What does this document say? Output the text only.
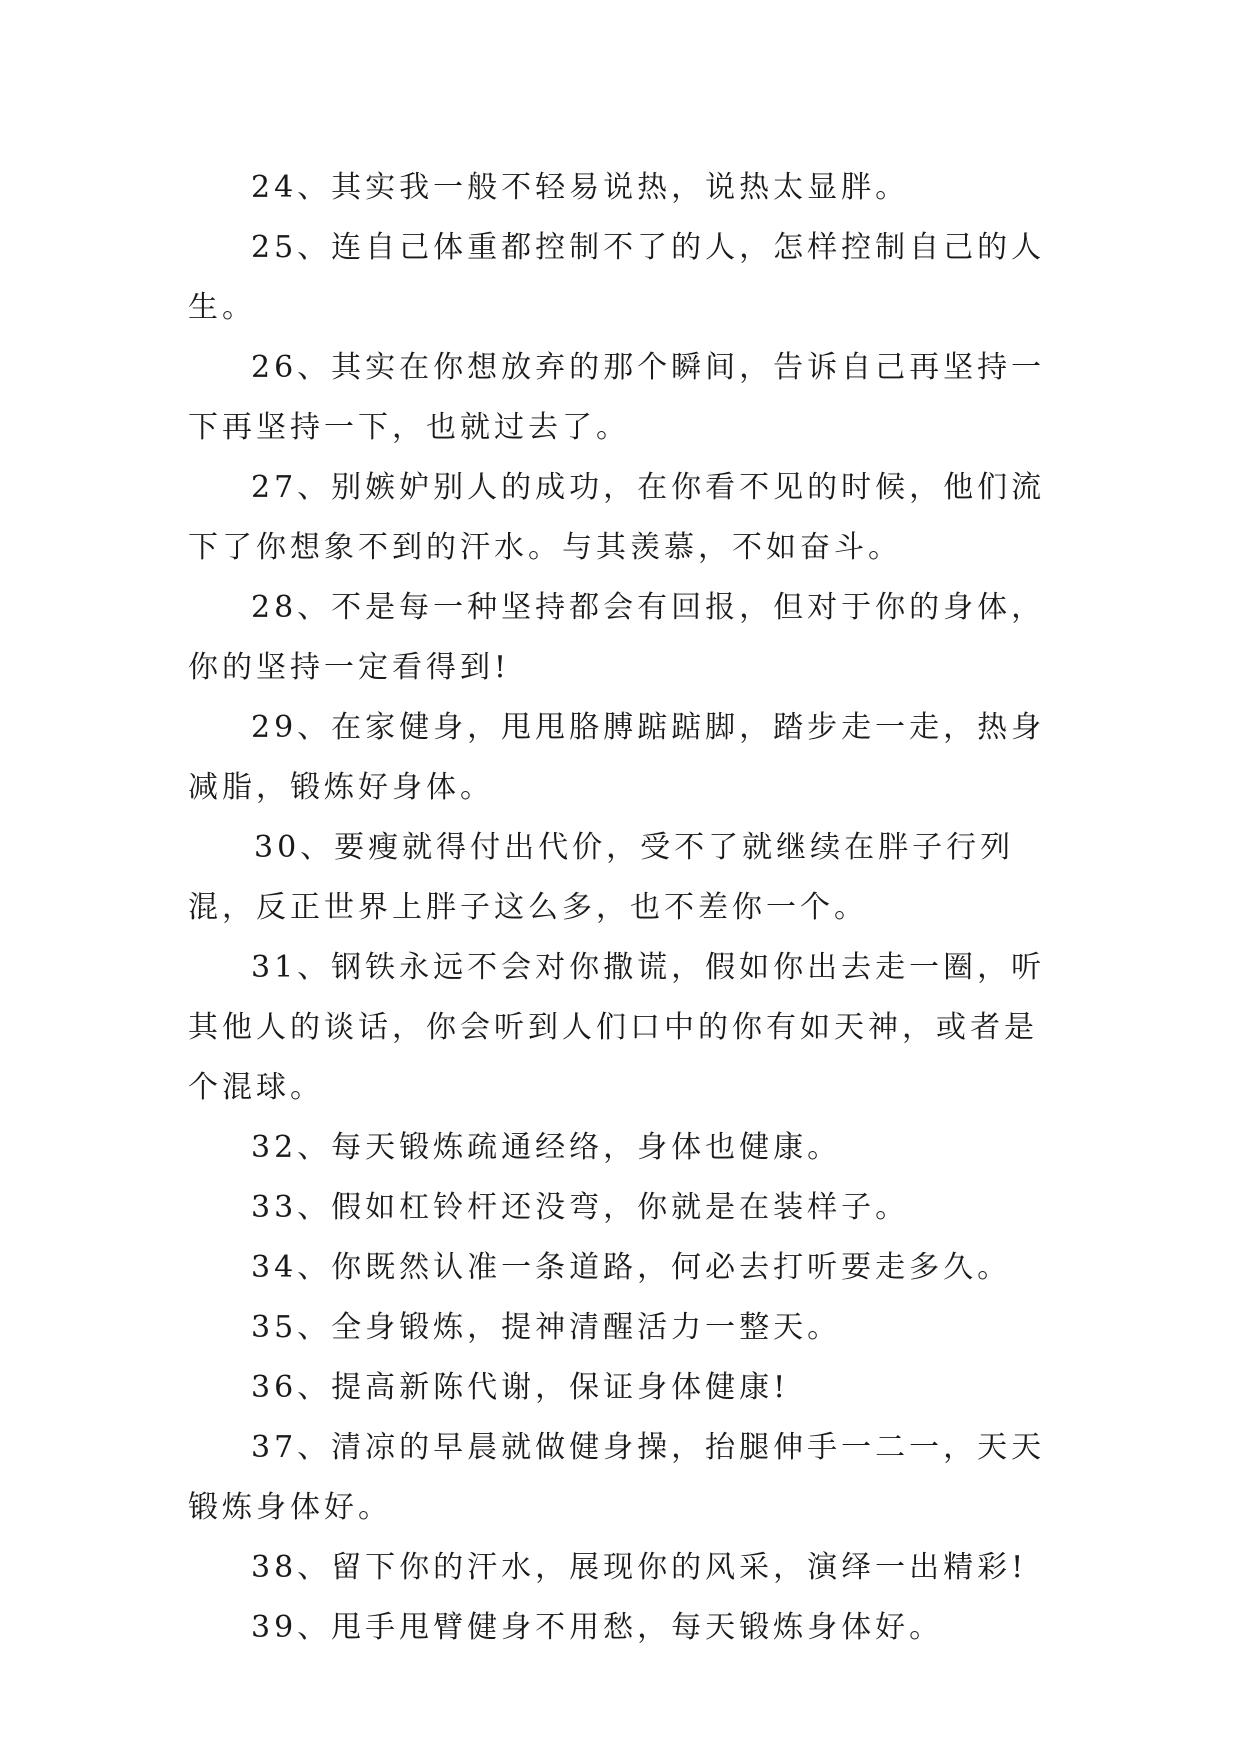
24、其实我一般不轻易说热，说热太显胖。

25、连自己体重都控制不了的人，怎样控制自己的人生。

26、其实在你想放弃的那个瞬间，告诉自己再坚持一下再坚持一下，也就过去了。

27、别嫉妒别人的成功，在你看不见的时候，他们流下了你想象不到的汗水。与其羡慕，不如奋斗。

28、不是每一种坚持都会有回报，但对于你的身体，你的坚持一定看得到!

29、在家健身，甩甩胳膊踮踮脚，踏步走一走，热身减脂，锻炼好身体。

30、要瘦就得付出代价，受不了就继续在胖子行列混，反正世界上胖子这么多，也不差你一个。

31、钢铁永远不会对你撒谎，假如你出去走一圈，听其他人的谈话，你会听到人们口中的你有如天神，或者是个混球。

32、每天锻炼疏通经络，身体也健康。

33、假如杠铃杆还没弯，你就是在装样子。

34、你既然认准一条道路，何必去打听要走多久。

35、全身锻炼，提神清醒活力一整天。

36、提高新陈代谢，保证身体健康!

37、清凉的早晨就做健身操，抬腿伸手一二一，天天锻炼身体好。

38、留下你的汗水，展现你的风采，演绎一出精彩!

39、甩手甩臂健身不用愁，每天锻炼身体好。
